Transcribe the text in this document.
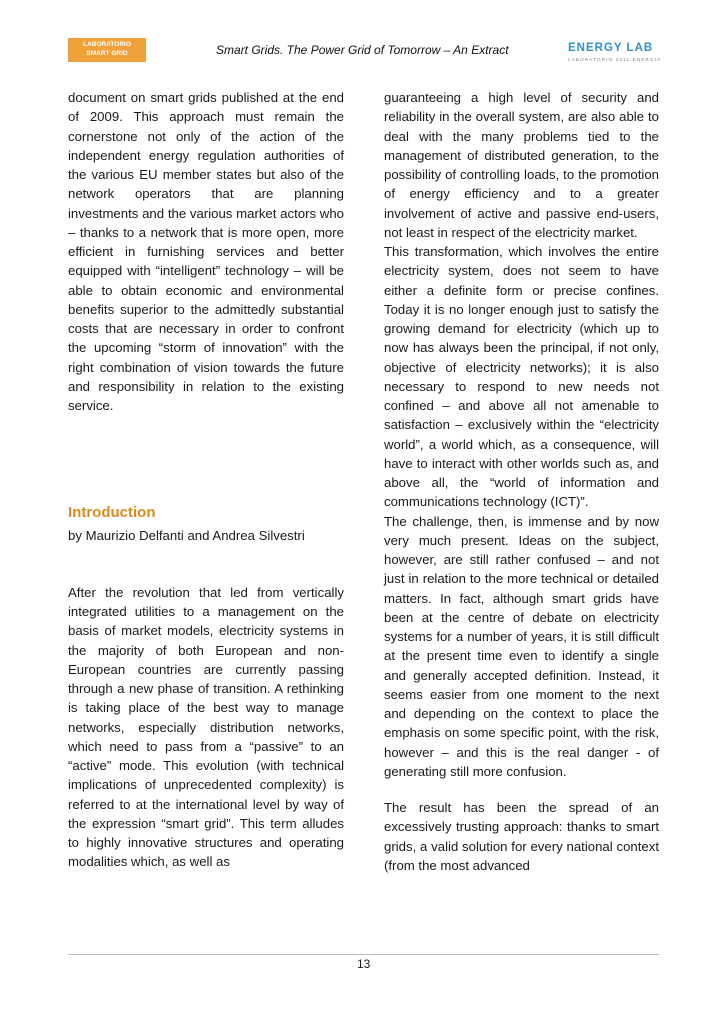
LABORATORIO
SMART GRID	Smart Grids. The Power Grid of Tomorrow – An Extract	ENERGY LAB
LABORATORIO 2011 ENERGIA

document on smart grids published at the end of 2009. This approach must remain the cornerstone not only of the action of the independent energy regulation authorities of the various EU member states but also of the network operators that are planning investments and the various market actors who – thanks to a network that is more open, more efficient in furnishing services and better equipped with “intelligent” technology – will be able to obtain economic and environmental benefits superior to the admittedly substantial costs that are necessary in order to confront the upcoming “storm of innovation” with the right combination of vision towards the future and responsibility in relation to the existing service.

Introduction

by Maurizio Delfanti and Andrea Silvestri

After the revolution that led from vertically integrated utilities to a management on the basis of market models, electricity systems in the majority of both European and non-European countries are currently passing through a new phase of transition. A rethinking is taking place of the best way to manage networks, especially distribution networks, which need to pass from a “passive” to an “active” mode. This evolution (with technical implications of unprecedented complexity) is referred to at the international level by way of the expression “smart grid”. This term alludes to highly innovative structures and operating modalities which, as well as

guaranteeing a high level of security and reliability in the overall system, are also able to deal with the many problems tied to the management of distributed generation, to the possibility of controlling loads, to the promotion of energy efficiency and to a greater involvement of active and passive end-users, not least in respect of the electricity market.

This transformation, which involves the entire electricity system, does not seem to have either a definite form or precise confines. Today it is no longer enough just to satisfy the growing demand for electricity (which up to now has always been the principal, if not only, objective of electricity networks); it is also necessary to respond to new needs not confined – and above all not amenable to satisfaction – exclusively within the “electricity world”, a world which, as a consequence, will have to interact with other worlds such as, and above all, the “world of information and communications technology (ICT)”.

The challenge, then, is immense and by now very much present. Ideas on the subject, however, are still rather confused – and not just in relation to the more technical or detailed matters. In fact, although smart grids have been at the centre of debate on electricity systems for a number of years, it is still difficult at the present time even to identify a single and generally accepted definition. Instead, it seems easier from one moment to the next and depending on the context to place the emphasis on some specific point, with the risk, however – and this is the real danger - of generating still more confusion.

The result has been the spread of an excessively trusting approach: thanks to smart grids, a valid solution for every national context (from the most advanced

13
